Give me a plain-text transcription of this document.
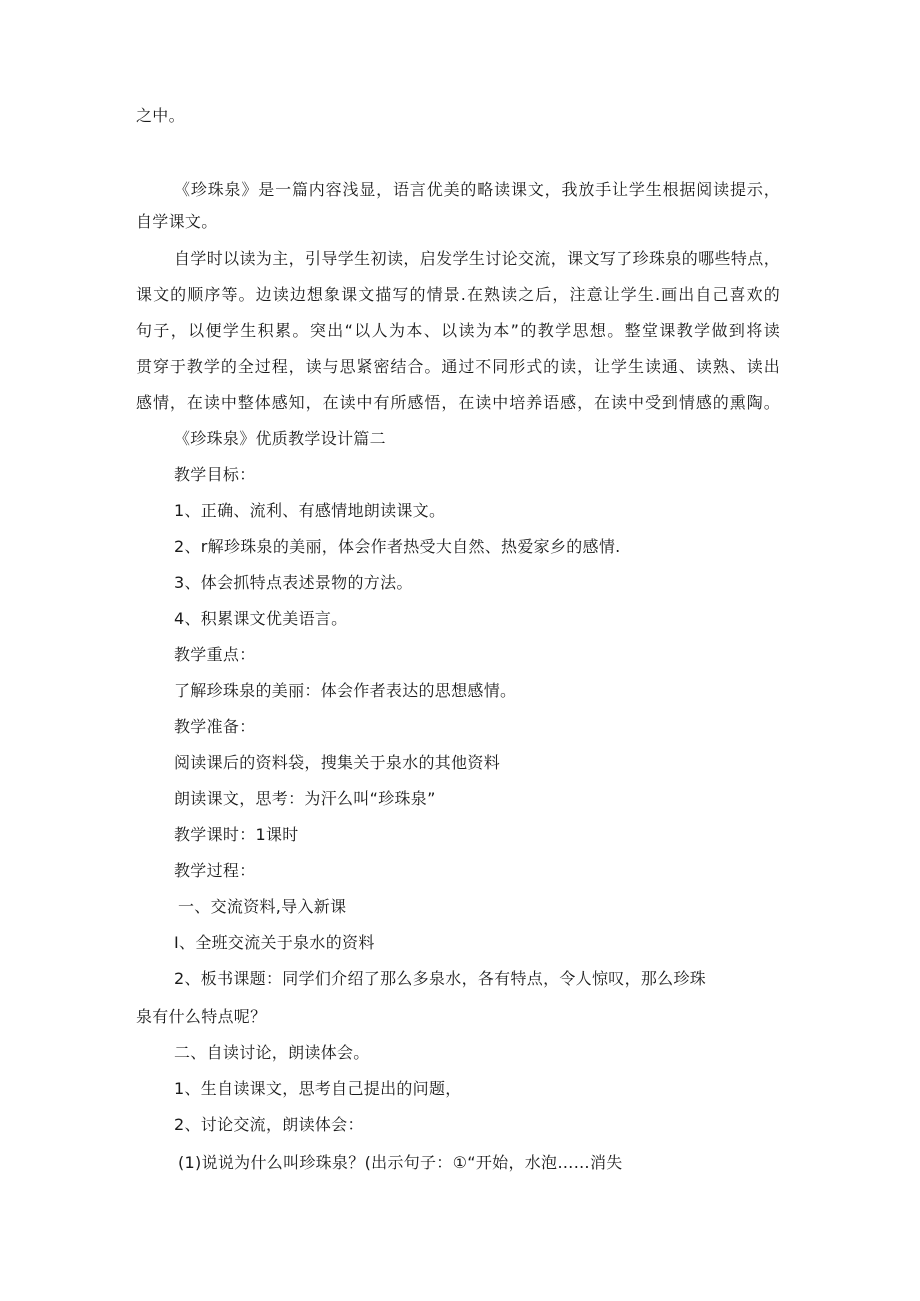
之中。

《珍珠泉》是一篇内容浅显，语言优美的略读课文，我放手让学生根据阅读提示，

自学课文。

自学时以读为主，引导学生初读，启发学生讨论交流，课文写了珍珠泉的哪些特点，

课文的顺序等。边读边想象课文描写的情景.在熟读之后，注意让学生.画出自己喜欢的

句子，以便学生积累。突出“以人为本、以读为本”的教学思想。整堂课教学做到将读

贯穿于教学的全过程，读与思紧密结合。通过不同形式的读，让学生读通、读熟、读出

感情，在读中整体感知，在读中有所感悟，在读中培养语感，在读中受到情感的熏陶。

《珍珠泉》优质教学设计篇二

教学目标：

1、正确、流利、有感情地朗读课文。

2、r解珍珠泉的美丽，体会作者热受大自然、热爱家乡的感情.

3、体会抓特点表述景物的方法。

4、积累课文优美语言。

教学重点：

了解珍珠泉的美丽：体会作者表达的思想感情。

教学准备：

阅读课后的资料袋，搜集关于泉水的其他资料

朗读课文，思考：为汗么叫“珍珠泉”

教学课时：1课时

教学过程：

一、交流资料,导入新课

I、全班交流关于泉水的资料

2、板书课题：同学们介绍了那么多泉水，各有特点，令人惊叹，那么珍珠

泉有什么特点呢？

二、自读讨论，朗读体会。

1、生自读课文，思考自己提出的问题，

2、讨论交流，朗读体会：

(1)说说为什么叫珍珠泉？(出示句子：①“开始，水泡……消失
